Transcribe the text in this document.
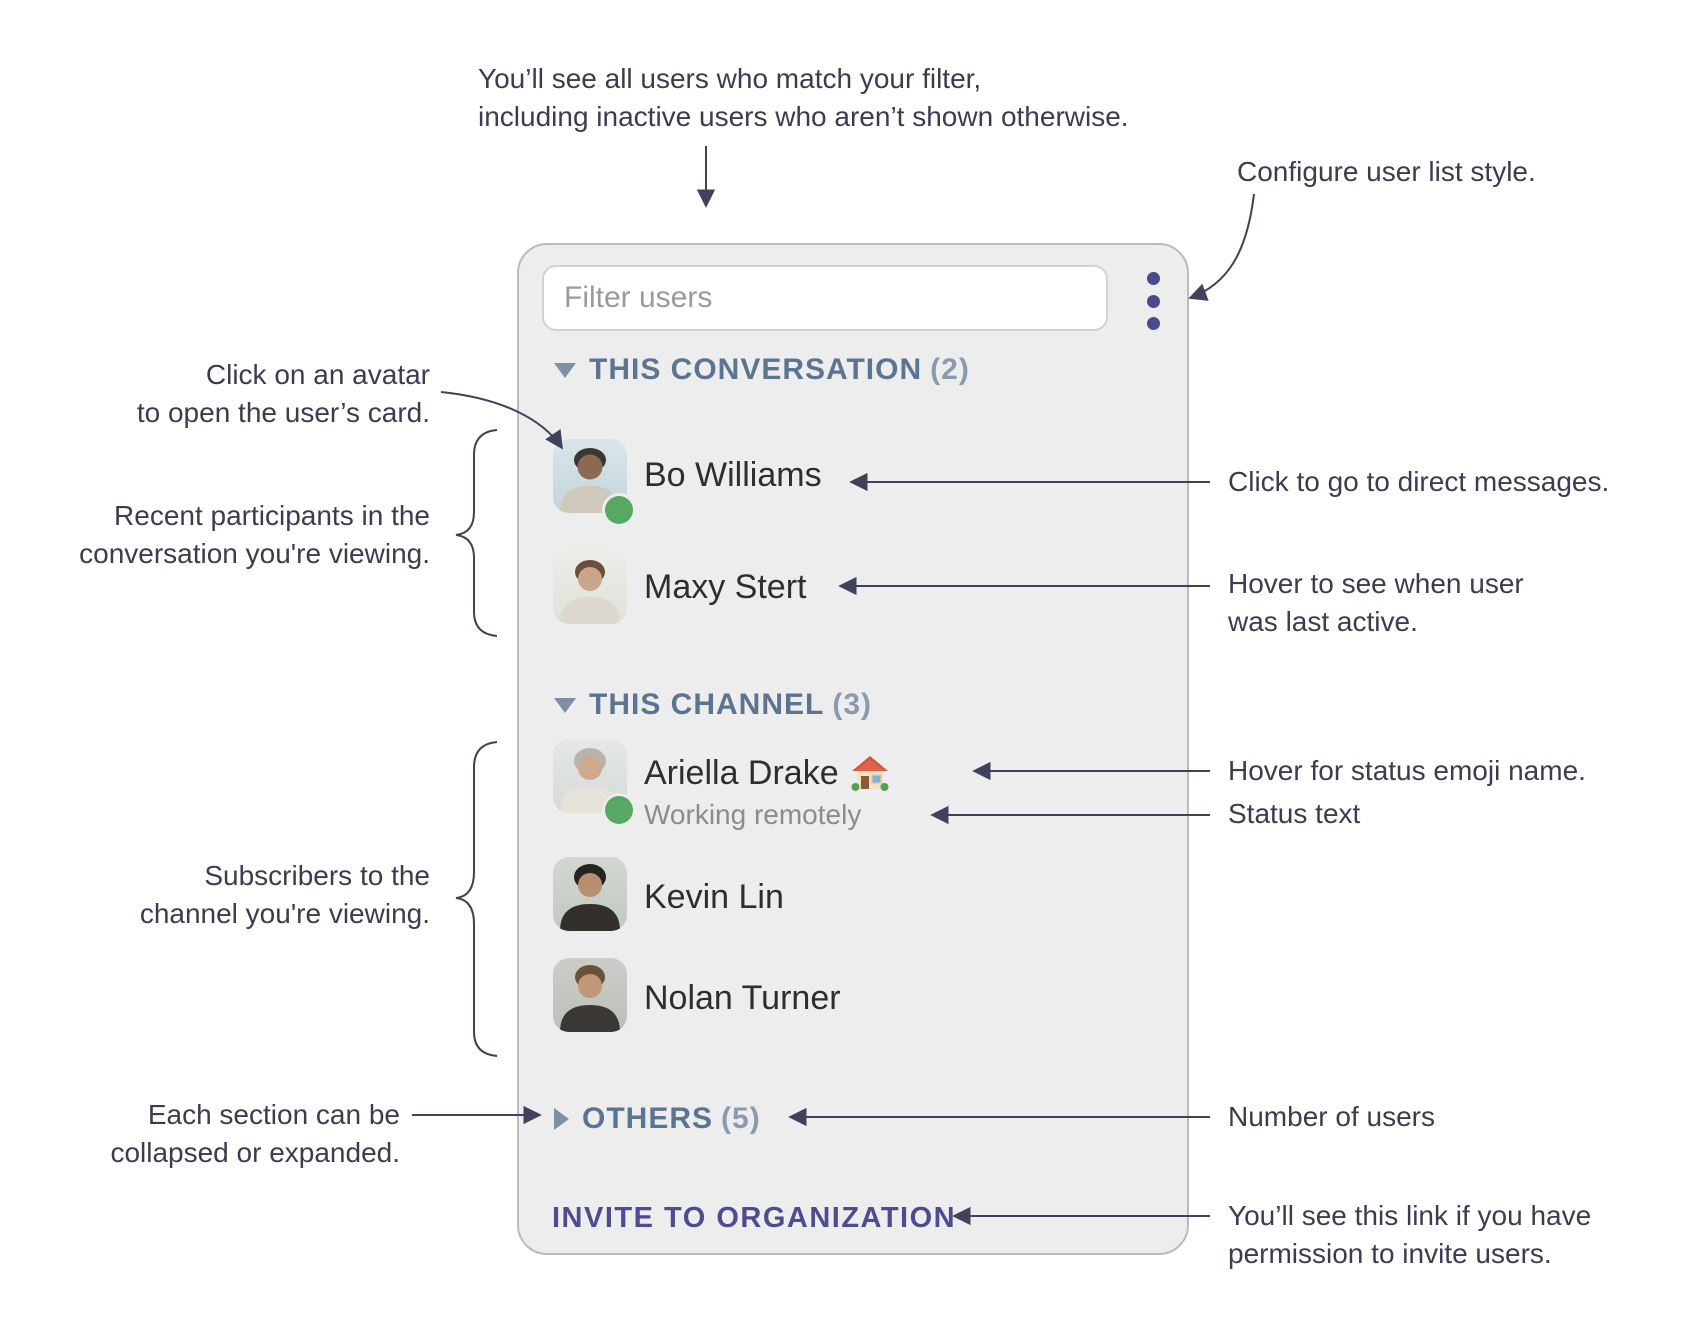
You’ll see all users who match your filter,
including inactive users who aren’t shown otherwise.
Configure user list style.
Click on an avatar
to open the user’s card.
Recent participants in the
conversation you're viewing.
Click to go to direct messages.
Hover to see when user
was last active.
Hover for status emoji name.
Status text
Subscribers to the
channel you're viewing.
Each section can be
collapsed or expanded.
Number of users
You’ll see this link if you have
permission to invite users.
Filter users
THIS CONVERSATION (2)
Bo Williams
Maxy Stert
THIS CHANNEL (3)
Ariella Drake
Working remotely
Kevin Lin
Nolan Turner
OTHERS (5)
INVITE TO ORGANIZATION
